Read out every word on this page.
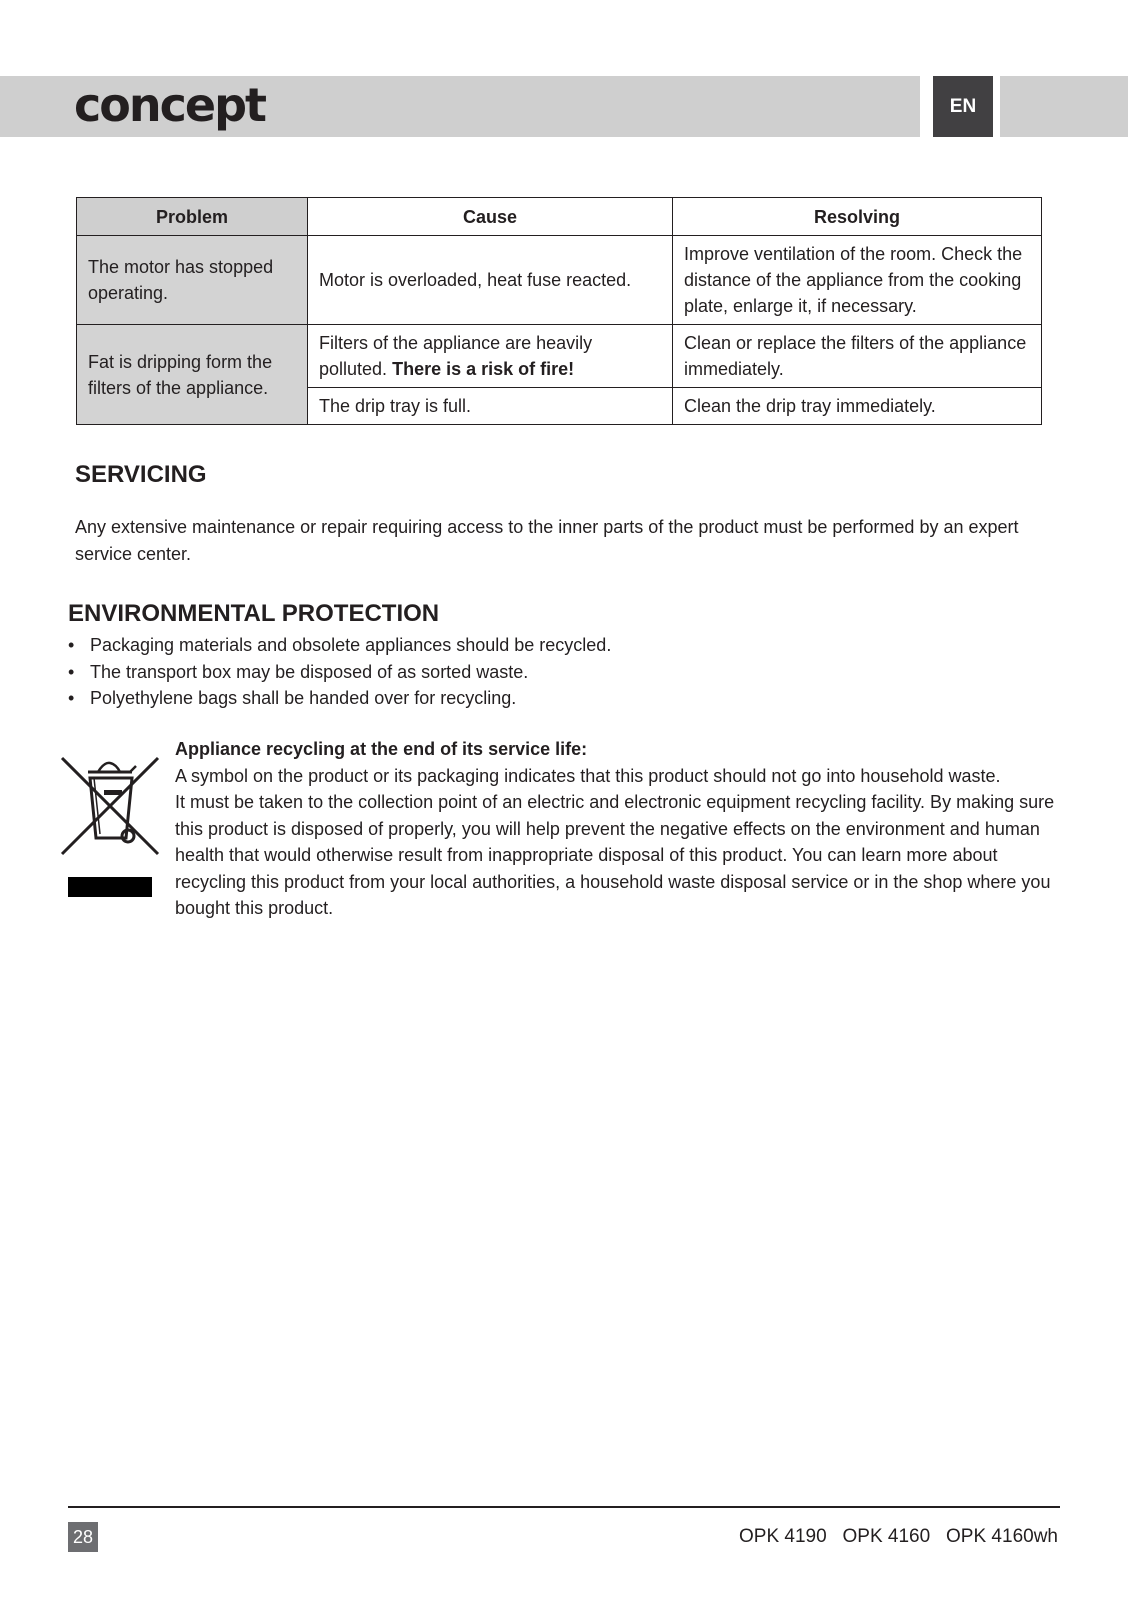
concept	EN
Problem	Cause	Resolving
The motor has stopped operating.	Motor is overloaded, heat fuse reacted.	Improve ventilation of the room. Check the distance of the appliance from the cooking plate, enlarge it, if necessary.
Fat is dripping form the filters of the appliance.	Filters of the appliance are heavily polluted. There is a risk of fire!	Clean or replace the filters of the appliance immediately.
	The drip tray is full.	Clean the drip tray immediately.
SERVICING

Any extensive maintenance or repair requiring access to the inner parts of the product must be performed by an expert service center.

ENVIRONMENTAL PROTECTION
• Packaging materials and obsolete appliances should be recycled.
• The transport box may be disposed of as sorted waste.
• Polyethylene bags shall be handed over for recycling.

Appliance recycling at the end of its service life:

A symbol on the product or its packaging indicates that this product should not go into household waste.

It must be taken to the collection point of an electric and electronic equipment recycling facility. By making sure this product is disposed of properly, you will help prevent the negative effects on the environment and human health that would otherwise result from inappropriate disposal of this product. You can learn more about recycling this product from your local authorities, a household waste disposal service or in the shop where you bought this product.

28	OPK 4190   OPK 4160   OPK 4160wh
